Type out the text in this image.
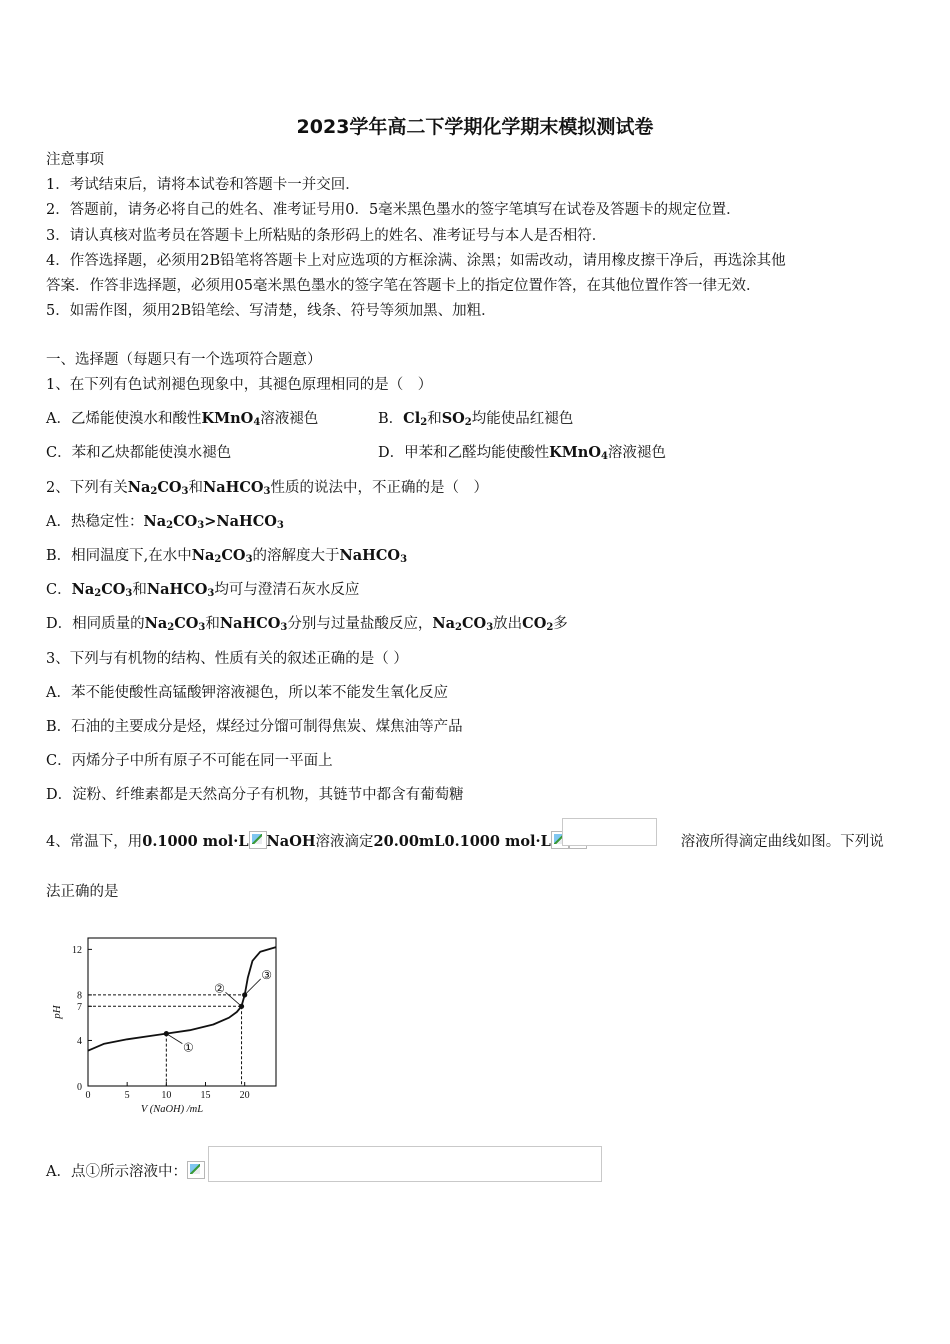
2023学年高二下学期化学期末模拟测试卷
注意事项
1．考试结束后，请将本试卷和答题卡一并交回．
2．答题前，请务必将自己的姓名、准考证号用0．5毫米黑色墨水的签字笔填写在试卷及答题卡的规定位置．
3．请认真核对监考员在答题卡上所粘贴的条形码上的姓名、准考证号与本人是否相符．
4．作答选择题，必须用2B铅笔将答题卡上对应选项的方框涂满、涂黑；如需改动，请用橡皮擦干净后，再选涂其他
答案．作答非选择题，必须用05毫米黑色墨水的签字笔在答题卡上的指定位置作答，在其他位置作答一律无效．
5．如需作图，须用2B铅笔绘、写清楚，线条、符号等须加黑、加粗．
一、选择题（每题只有一个选项符合题意）
1、在下列有色试剂褪色现象中，其褪色原理相同的是（　）
A．乙烯能使溴水和酸性KMnO$_4$溶液褪色	B．$Cl_2$和$SO_2$均能使品红褪色
C．苯和乙炔都能使溴水褪色	D．甲苯和乙醛均能使酸性KMnO$_4$溶液褪色
2、下列有关$Na_2CO_3$和NaHCO$_3$性质的说法中，不正确的是（　）
A．热稳定性：$Na_2CO_3>NaHCO_3$
B．相同温度下,在水中$Na_2CO_3$的溶解度大于NaHCO$_3$
C．$Na_2CO_3$和NaHCO$_3$均可与澄清石灰水反应
D．相同质量的$Na_2CO_3$和NaHCO$_3$分别与过量盐酸反应，$Na_2CO_3$放出$CO_2$多
3、下列与有机物的结构、性质有关的叙述正确的是（ ）
A．苯不能使酸性高锰酸钾溶液褪色，所以苯不能发生氧化反应
B．石油的主要成分是烃，煤经过分馏可制得焦炭、煤焦油等产品
C．丙烯分子中所有原子不可能在同一平面上
D．淀粉、纤维素都是天然高分子有机物，其链节中都含有葡萄糖
4、常温下，用0.1000 mol·L NaOH溶液滴定20.00mL0.1000 mol·L	溶液所得滴定曲线如图。下列说
法正确的是
0	5	10	15	20
4
7
8
12
0
pH
V (NaOH) /mL
①
②
③
A．点①所示溶液中：
